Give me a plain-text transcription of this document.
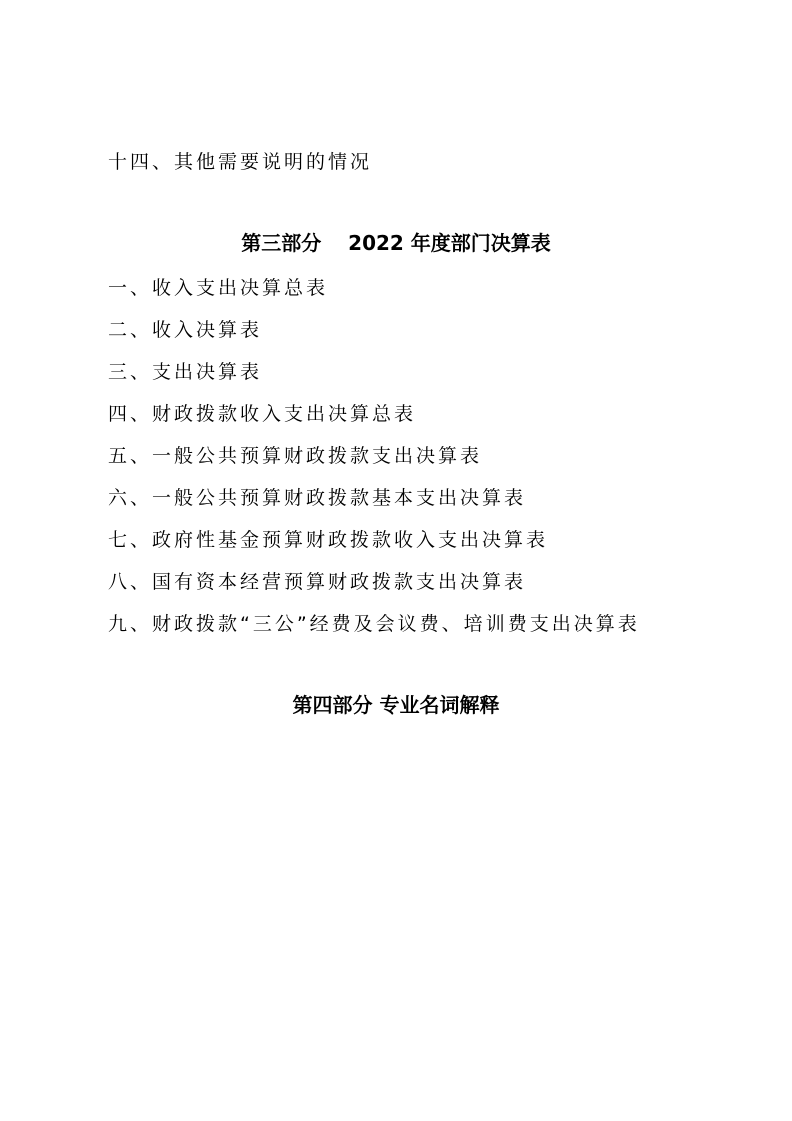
十四、其他需要说明的情况
第三部分　 2022 年度部门决算表
一、收入支出决算总表
二、收入决算表
三、支出决算表
四、财政拨款收入支出决算总表
五、一般公共预算财政拨款支出决算表
六、一般公共预算财政拨款基本支出决算表
七、政府性基金预算财政拨款收入支出决算表
八、国有资本经营预算财政拨款支出决算表
九、财政拨款“三公”经费及会议费、培训费支出决算表
第四部分 专业名词解释
